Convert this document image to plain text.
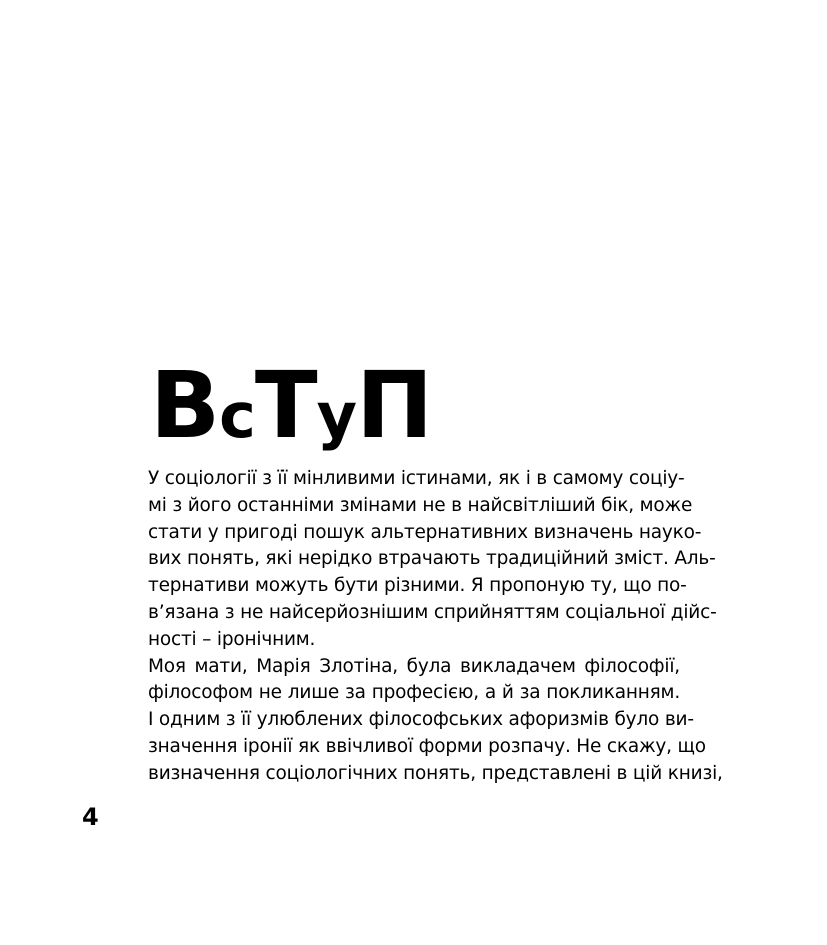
ВсТуП
У соціології з її мінливими істинами, як і в самому соціу-
мі з його останніми змінами не в найсвітліший бік, може
стати у пригоді пошук альтернативних визначень науко-
вих понять, які нерідко втрачають традиційний зміст. Аль-
тернативи можуть бути різними. Я пропоную ту, що по-
в’язана з не найсерйознішим сприйняттям соціальної дійс-
ності – іронічним.
Моя мати, Марія Злотіна, була викладачем філософії,
філософом не лише за професією, а й за покликанням.
І одним з її улюблених філософських афоризмів було ви-
значення іронії як ввічливої форми розпачу. Не скажу, що
визначення соціологічних понять, представлені в цій книзі,
4
